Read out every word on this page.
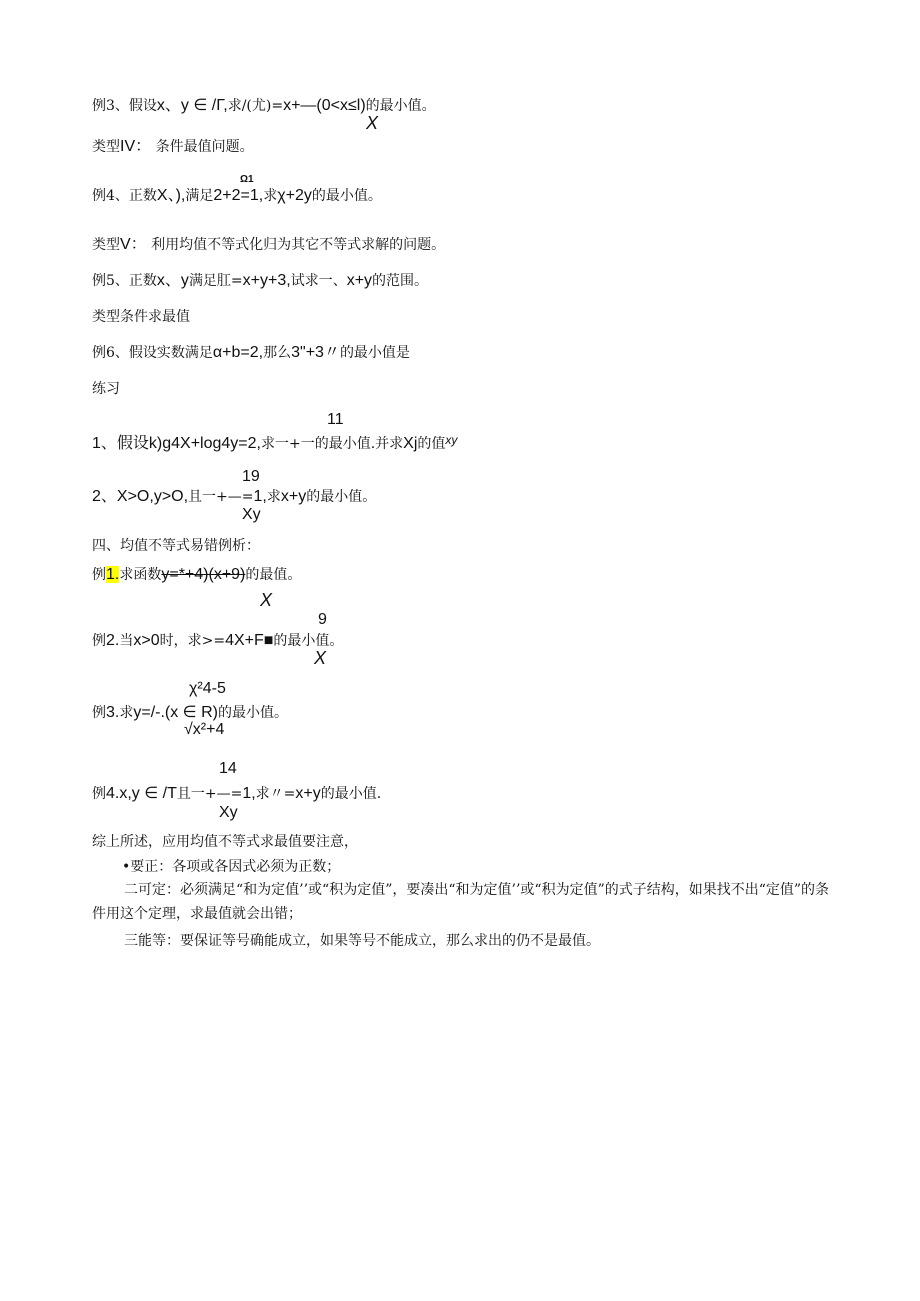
例3、假设x、y ∈ /Γ,求/(尤)=x+—(0<x≤l)的最小值。
X
类型IV： 条件最值问题。
Ω1
例4、正数X、),满足2+2=1,求χ+2y的最小值。
类型V： 利用均值不等式化归为其它不等式求解的问题。
例5、正数x、y满足肛=x+y+3,试求一、x+y的范围。
类型条件求最值
例6、假设实数满足α+b=2,那么3"+3〃的最小值是
练习
11
1、假设k)g4X+log4y=2,求一+一的最小值.并求Xj的值xy
19
2、X>O,y>O,且一+—=1,求x+y的最小值。
Xy
四、均值不等式易错例析：
例1.求函数y=*+4)(x+9)的最值。
X
9
例2.当x>0时，求>=4X+F■的最小值。
X
χ²4-5
例3.求y=/-.(x ∈ R)的最小值。
√x²+4
14
例4.x,y ∈ /T且一+—=1,求〃=x+y的最小值.
Xy
综上所述，应用均值不等式求最值要注意，
•要正：各项或各因式必须为正数；
二可定：必须满足“和为定值’’或“积为定值”，要凑出“和为定值’’或“积为定值”的式子结构，如果找不出“定值”的条件用这个定理，求最值就会出错；
三能等：要保证等号确能成立，如果等号不能成立，那么求出的仍不是最值。
